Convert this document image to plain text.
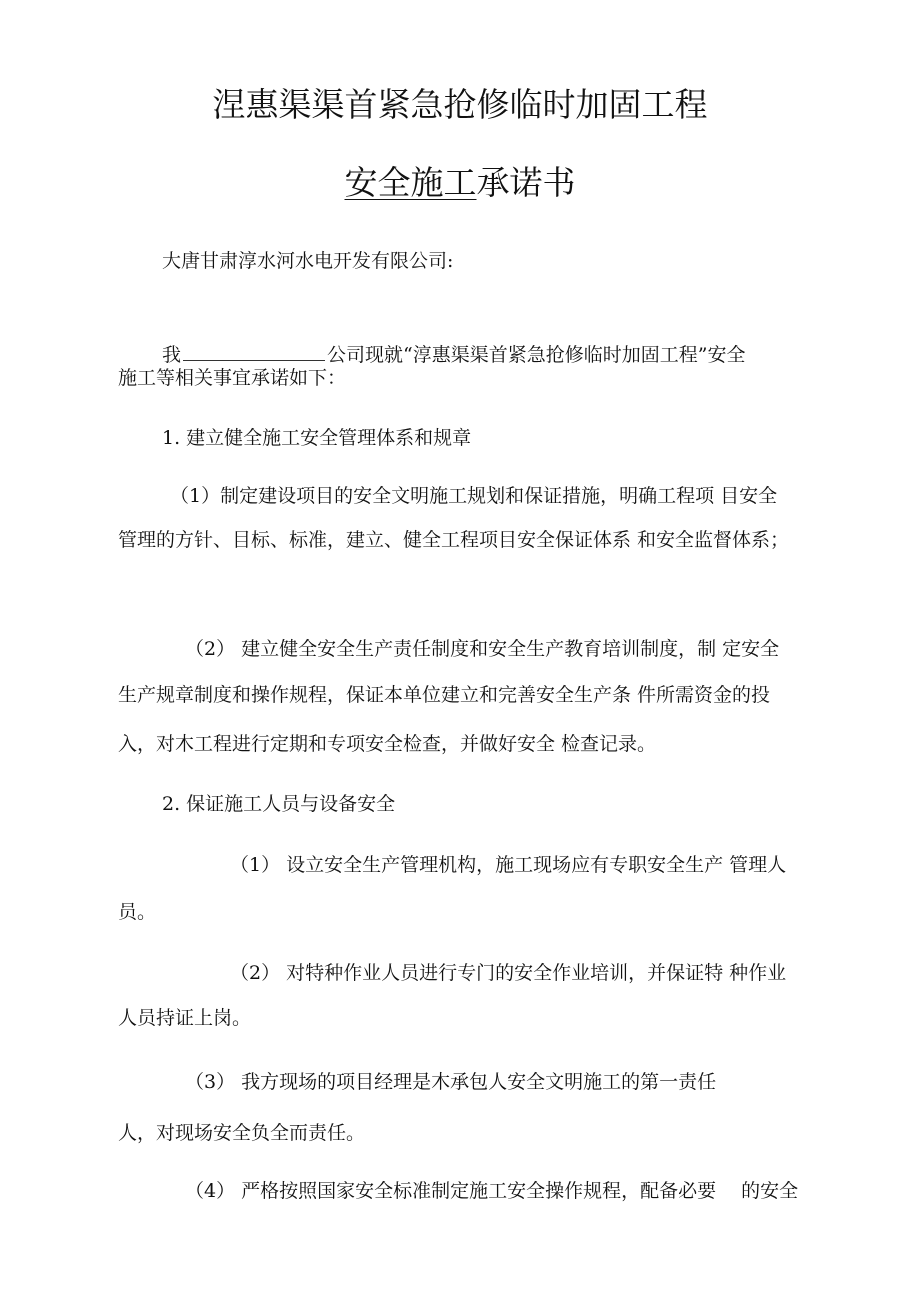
涅惠渠渠首紧急抢修临时加固工程
安全施工承诺书
大唐甘肃淳水河水电开发有限公司:
我	公司现就“淳惠渠渠首紧急抢修临时加固工程”安全
施工等相关事宜承诺如下：
1. 建立健全施工安全管理体系和规章
（1）制定建设项目的安全文明施工规划和保证措施，明确工程项 目安全
管理的方针、目标、标准，建立、健全工程项目安全保证体系 和安全监督体系；
（2） 建立健全安全生产责任制度和安全生产教育培训制度，制 定安全
生产规章制度和操作规程，保证本单位建立和完善安全生产条 件所需资金的投
入，对木工程进行定期和专项安全检查，并做好安全 检查记录。
2. 保证施工人员与设备安全
（1） 设立安全生产管理机构，施工现场应有专职安全生产 管理人
员。
（2） 对特种作业人员进行专门的安全作业培训，并保证特 种作业
人员持证上岗。
（3） 我方现场的项目经理是木承包人安全文明施工的第一责任
人，对现场安全负全而责任。
（4） 严格按照国家安全标准制定施工安全操作规程，配备必要　 的安全
